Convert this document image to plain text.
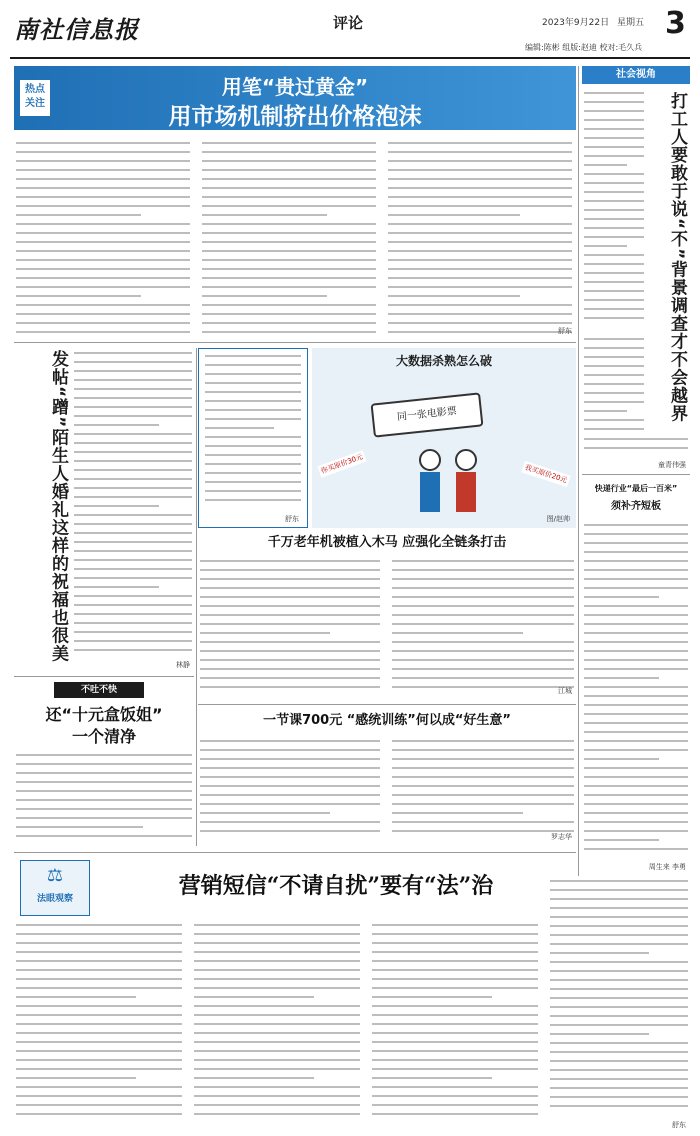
南社信息报	评论	2023年9月22日 星期五 3
编辑:陈彬 组版:赵迪 校对:毛久兵
热点
关注
用笔“贵过黄金”
用市场机制挤出价格泡沫
舒东
社会视角
打工人要敢于说“不”背景调查才不会越界
童青伟强
发帖“蹭”陌生人婚礼这样的祝福也很美
林静
舒东
大数据杀熟怎么破
同一张电影票
你买原价30元	我买原价20元
图/赵帅
千万老年机被植入木马 应强化全链条打击
江城
一节课700元 “感统训练”何以成“好生意”
罗志华
不吐不快
还“十元盒饭姐”
一个清净
快递行业“最后一百米”
须补齐短板
周生来 李勇
⚖
法眼观察	营销短信“不请自扰”要有“法”治
舒东
